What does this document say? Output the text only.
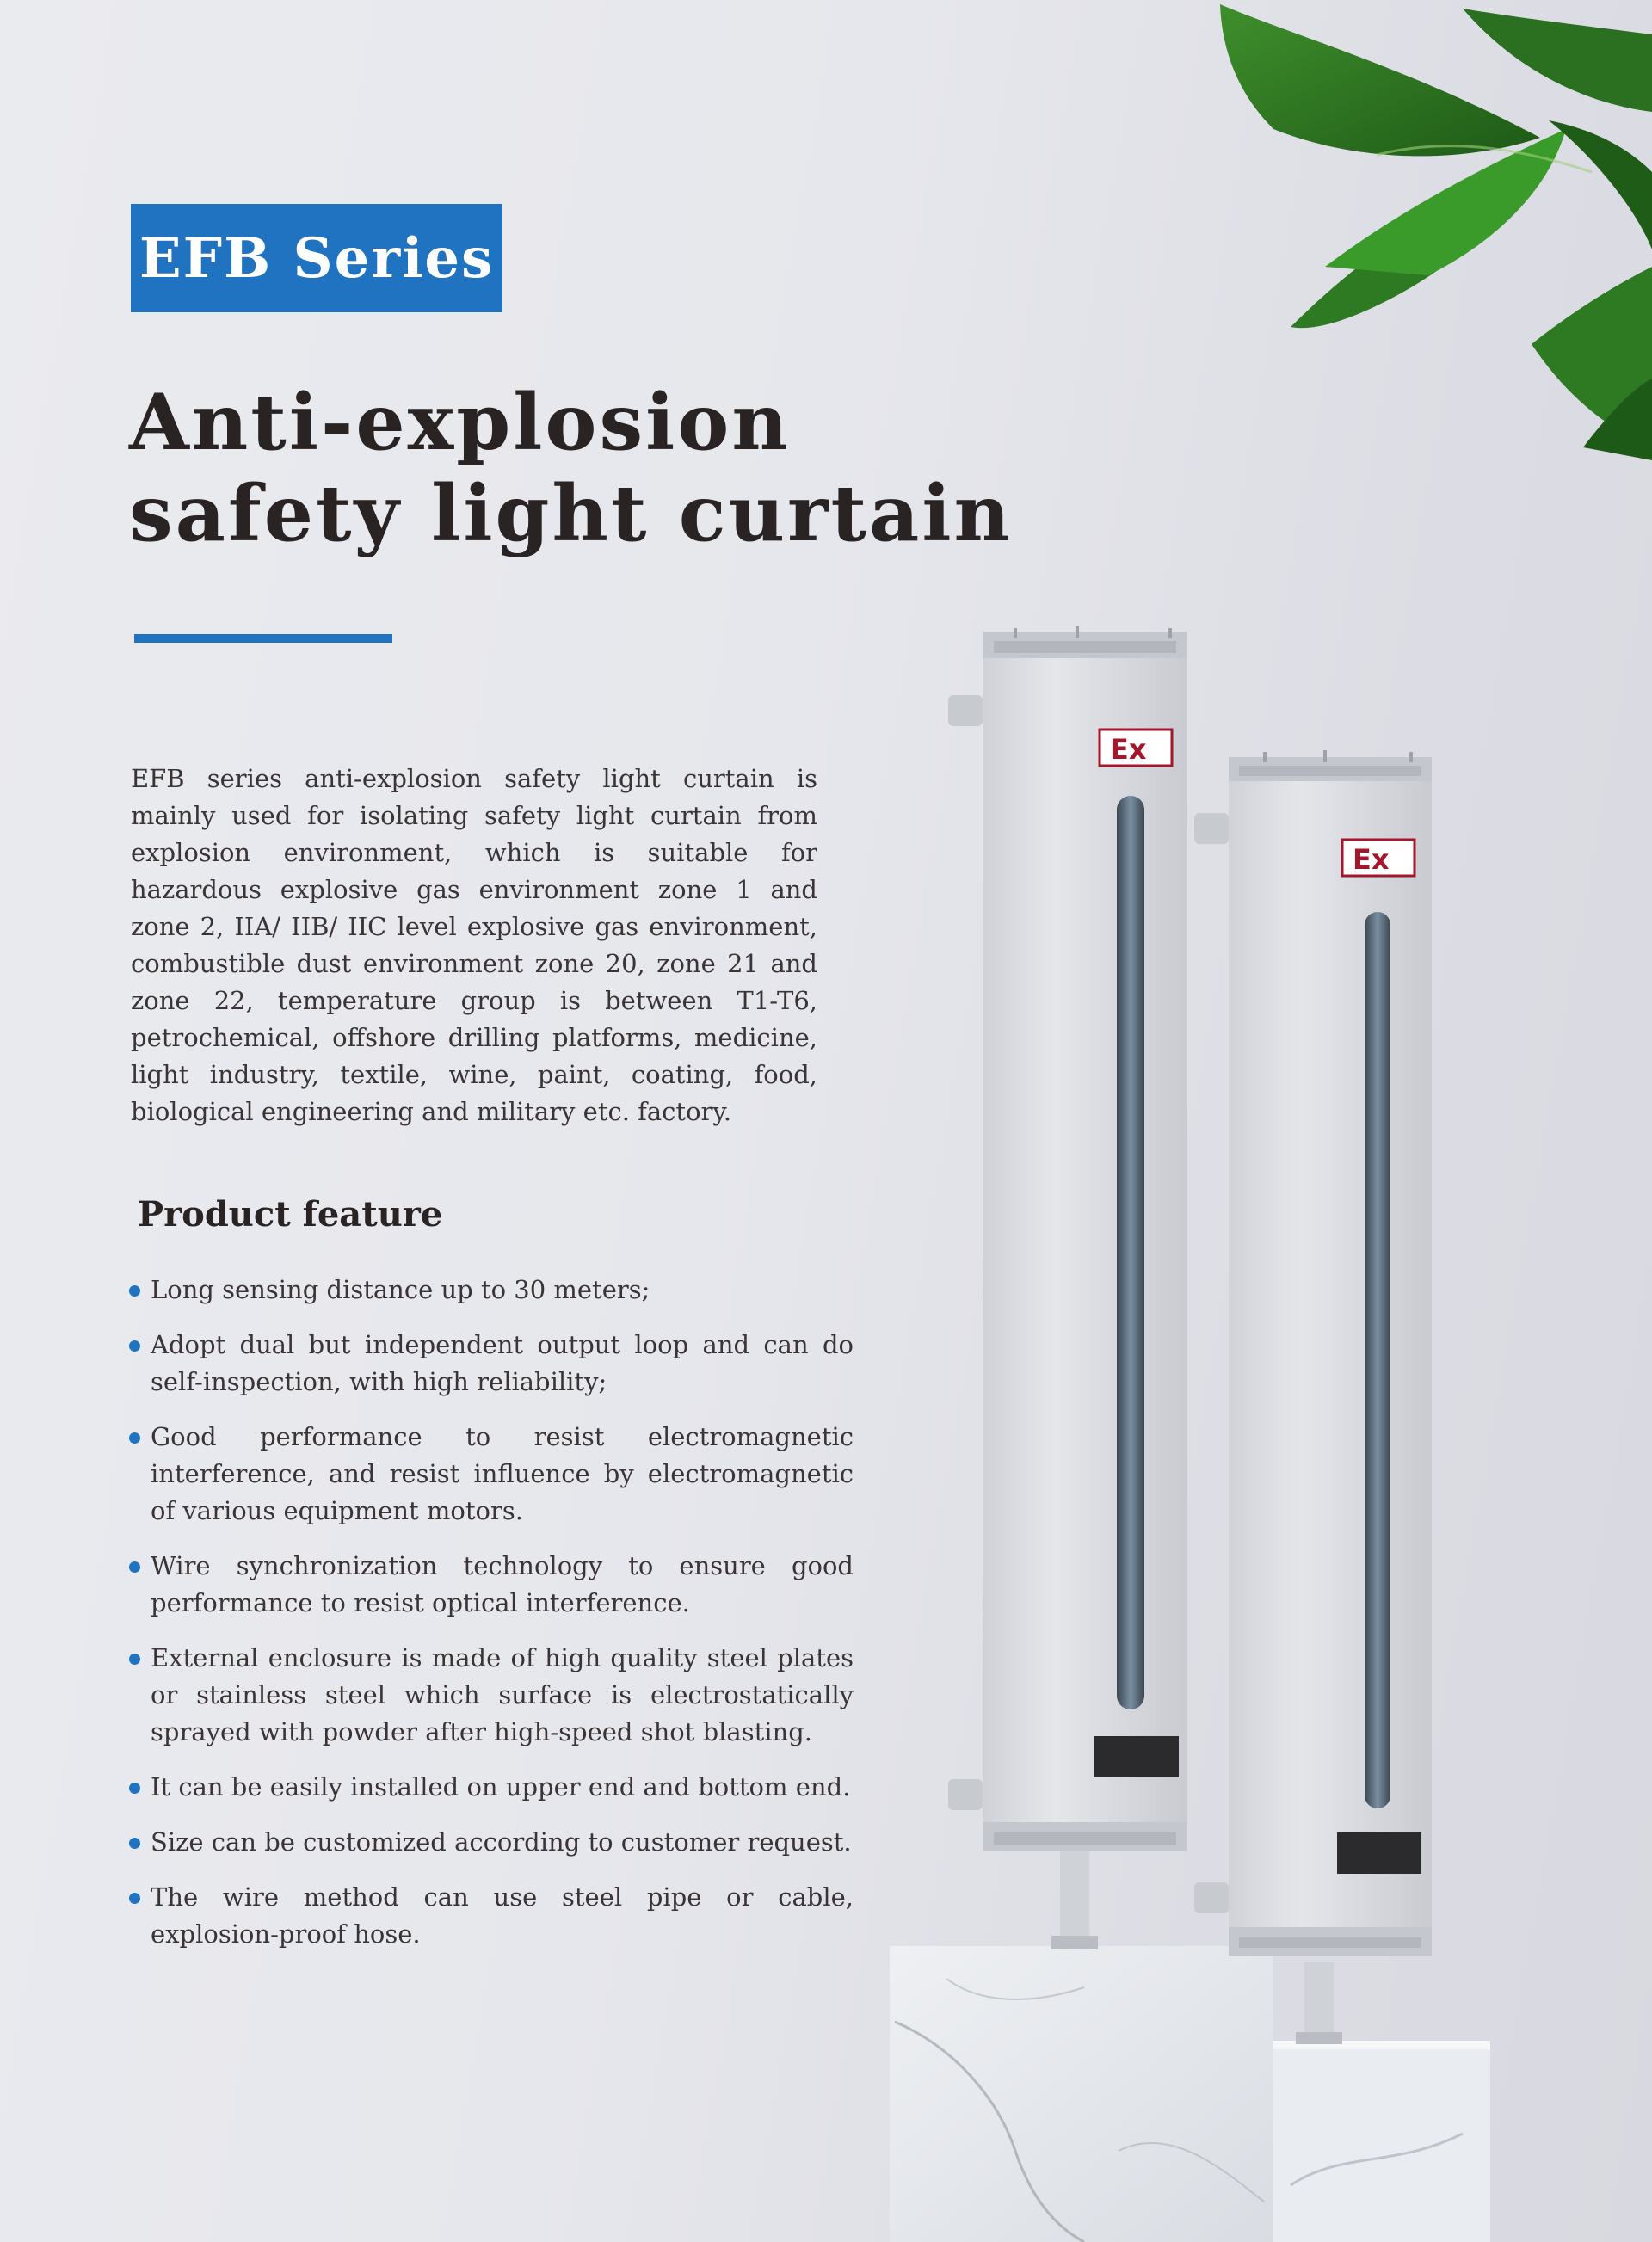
Ex
Ex
EFB Series
Anti-explosion
safety light curtain

EFB series anti-explosion safety light curtain is mainly used for isolating safety light curtain from explosion environment, which is suitable for hazardous explosive gas environment zone 1 and zone 2, IIA/ IIB/ IIC level explosive gas environment, combustible dust environment zone 20, zone 21 and zone 22, temperature group is between T1-T6, petrochemical, offshore drilling platforms, medicine, light industry, textile, wine, paint, coating, food, biological engineering and military etc. factory.

Product feature
Long sensing distance up to 30 meters;
Adopt dual but independent output loop and can do self-inspection, with high reliability;
Good performance to resist electromagnetic interference, and resist influence by electromagnetic of various equipment motors.
Wire synchronization technology to ensure good performance to resist optical interference.
External enclosure is made of high quality steel plates or stainless steel which surface is electrostatically sprayed with powder after high-speed shot blasting.
It can be easily installed on upper end and bottom end.
Size can be customized according to customer request.
The wire method can use steel pipe or cable, explosion-proof hose.
